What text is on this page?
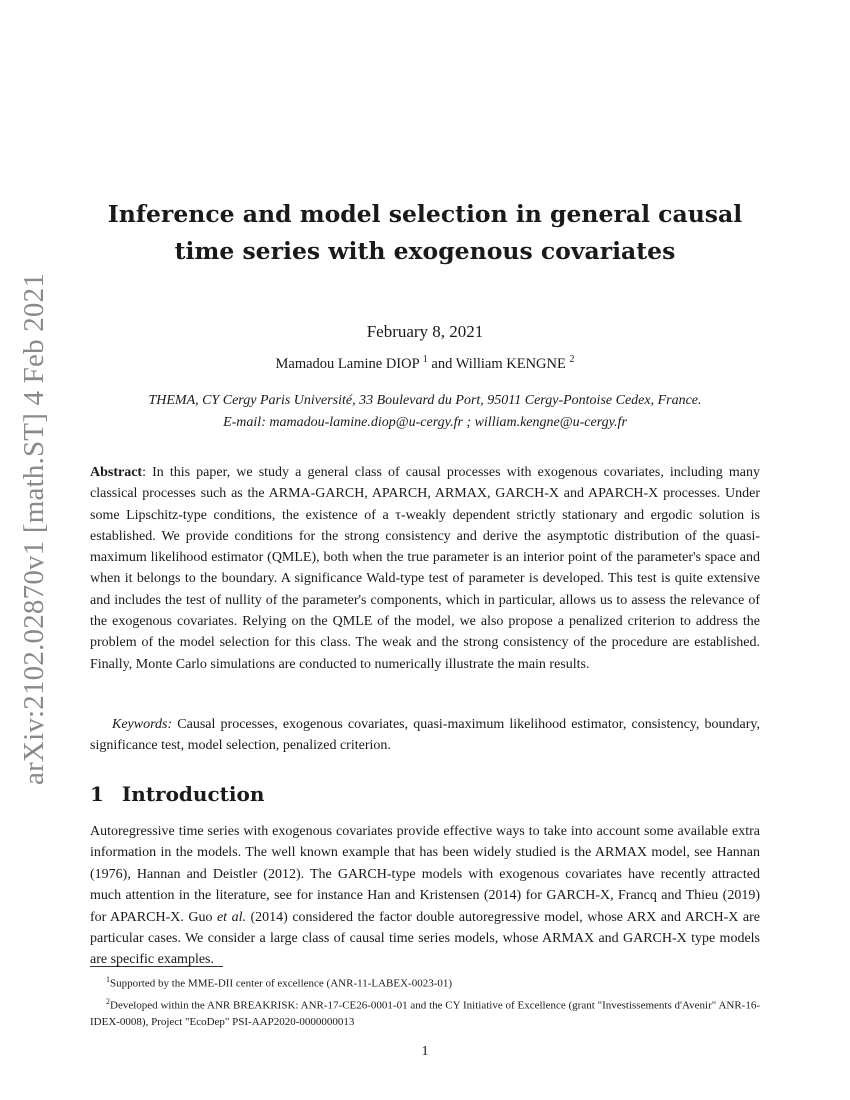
arXiv:2102.02870v1 [math.ST] 4 Feb 2021
Inference and model selection in general causal time series with exogenous covariates
February 8, 2021
Mamadou Lamine DIOP $^1$ and William KENGNE $^2$
THEMA, CY Cergy Paris Université, 33 Boulevard du Port, 95011 Cergy-Pontoise Cedex, France.
E-mail: mamadou-lamine.diop@u-cergy.fr ; william.kengne@u-cergy.fr
Abstract: In this paper, we study a general class of causal processes with exogenous covariates, including many classical processes such as the ARMA-GARCH, APARCH, ARMAX, GARCH-X and APARCH-X processes. Under some Lipschitz-type conditions, the existence of a τ-weakly dependent strictly stationary and ergodic solution is established. We provide conditions for the strong consistency and derive the asymptotic distribution of the quasi-maximum likelihood estimator (QMLE), both when the true parameter is an interior point of the parameter's space and when it belongs to the boundary. A significance Wald-type test of parameter is developed. This test is quite extensive and includes the test of nullity of the parameter's components, which in particular, allows us to assess the relevance of the exogenous covariates. Relying on the QMLE of the model, we also propose a penalized criterion to address the problem of the model selection for this class. The weak and the strong consistency of the procedure are established. Finally, Monte Carlo simulations are conducted to numerically illustrate the main results.
Keywords: Causal processes, exogenous covariates, quasi-maximum likelihood estimator, consistency, boundary, significance test, model selection, penalized criterion.
1 Introduction
Autoregressive time series with exogenous covariates provide effective ways to take into account some available extra information in the models. The well known example that has been widely studied is the ARMAX model, see Hannan (1976), Hannan and Deistler (2012). The GARCH-type models with exogenous covariates have recently attracted much attention in the literature, see for instance Han and Kristensen (2014) for GARCH-X, Francq and Thieu (2019) for APARCH-X. Guo et al. (2014) considered the factor double autoregressive model, whose ARX and ARCH-X are particular cases. We consider a large class of causal time series models, whose ARMAX and GARCH-X type models are specific examples.
$^1$Supported by the MME-DII center of excellence (ANR-11-LABEX-0023-01)
$^2$Developed within the ANR BREAKRISK: ANR-17-CE26-0001-01 and the CY Initiative of Excellence (grant "Investissements d'Avenir" ANR-16-IDEX-0008), Project "EcoDep" PSI-AAP2020-0000000013
1
